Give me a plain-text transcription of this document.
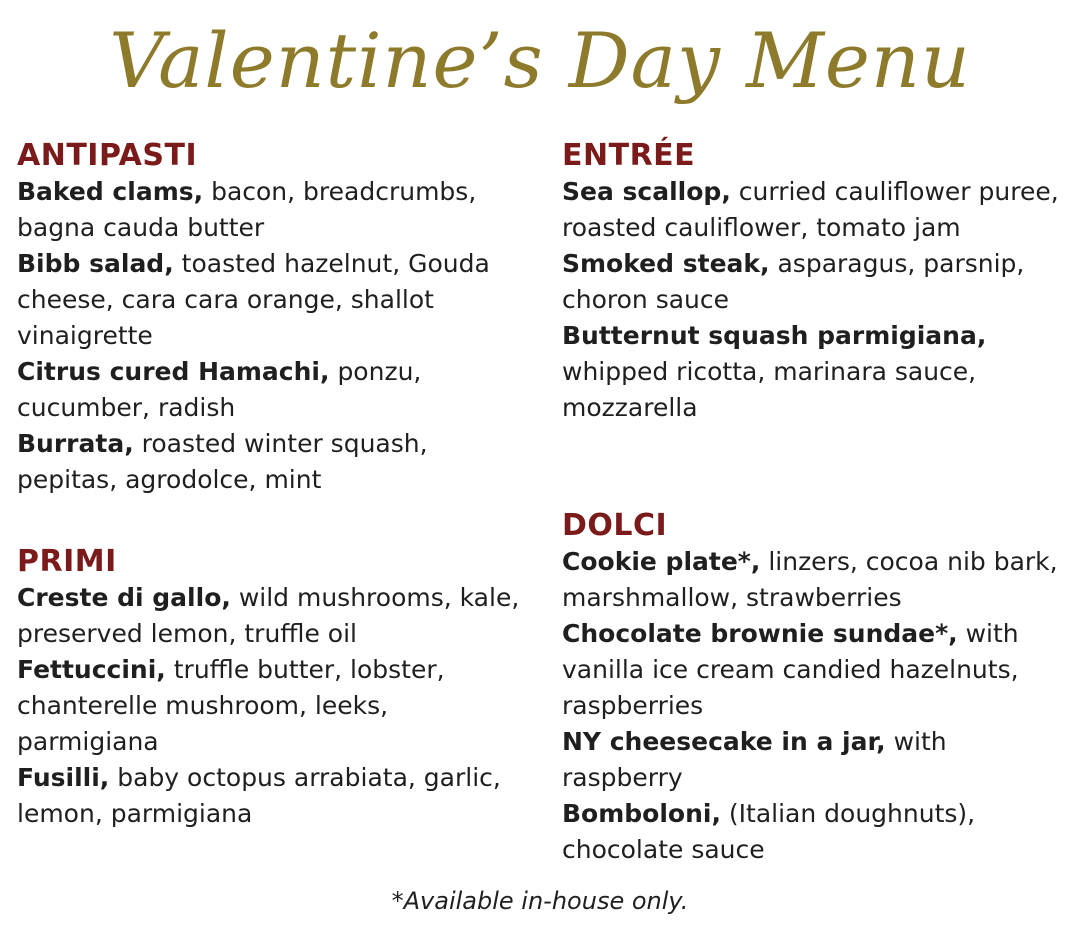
Valentine’s Day Menu
ANTIPASTI
Baked clams, bacon, breadcrumbs, bagna cauda butter
Bibb salad, toasted hazelnut, Gouda cheese, cara cara orange, shallot vinaigrette
Citrus cured Hamachi, ponzu, cucumber, radish
Burrata, roasted winter squash, pepitas, agrodolce, mint
PRIMI
Creste di gallo, wild mushrooms, kale, preserved lemon, truffle oil
Fettuccini, truffle butter, lobster, chanterelle mushroom, leeks, parmigiana
Fusilli, baby octopus arrabiata, garlic, lemon, parmigiana
ENTRÉE
Sea scallop, curried cauliflower puree, roasted cauliflower, tomato jam
Smoked steak, asparagus, parsnip, choron sauce
Butternut squash parmigiana, whipped ricotta, marinara sauce, mozzarella
DOLCI
Cookie plate*, linzers, cocoa nib bark, marshmallow, strawberries
Chocolate brownie sundae*, with vanilla ice cream candied hazelnuts, raspberries
NY cheesecake in a jar, with raspberry
Bomboloni, (Italian doughnuts), chocolate sauce
*Available in-house only.
